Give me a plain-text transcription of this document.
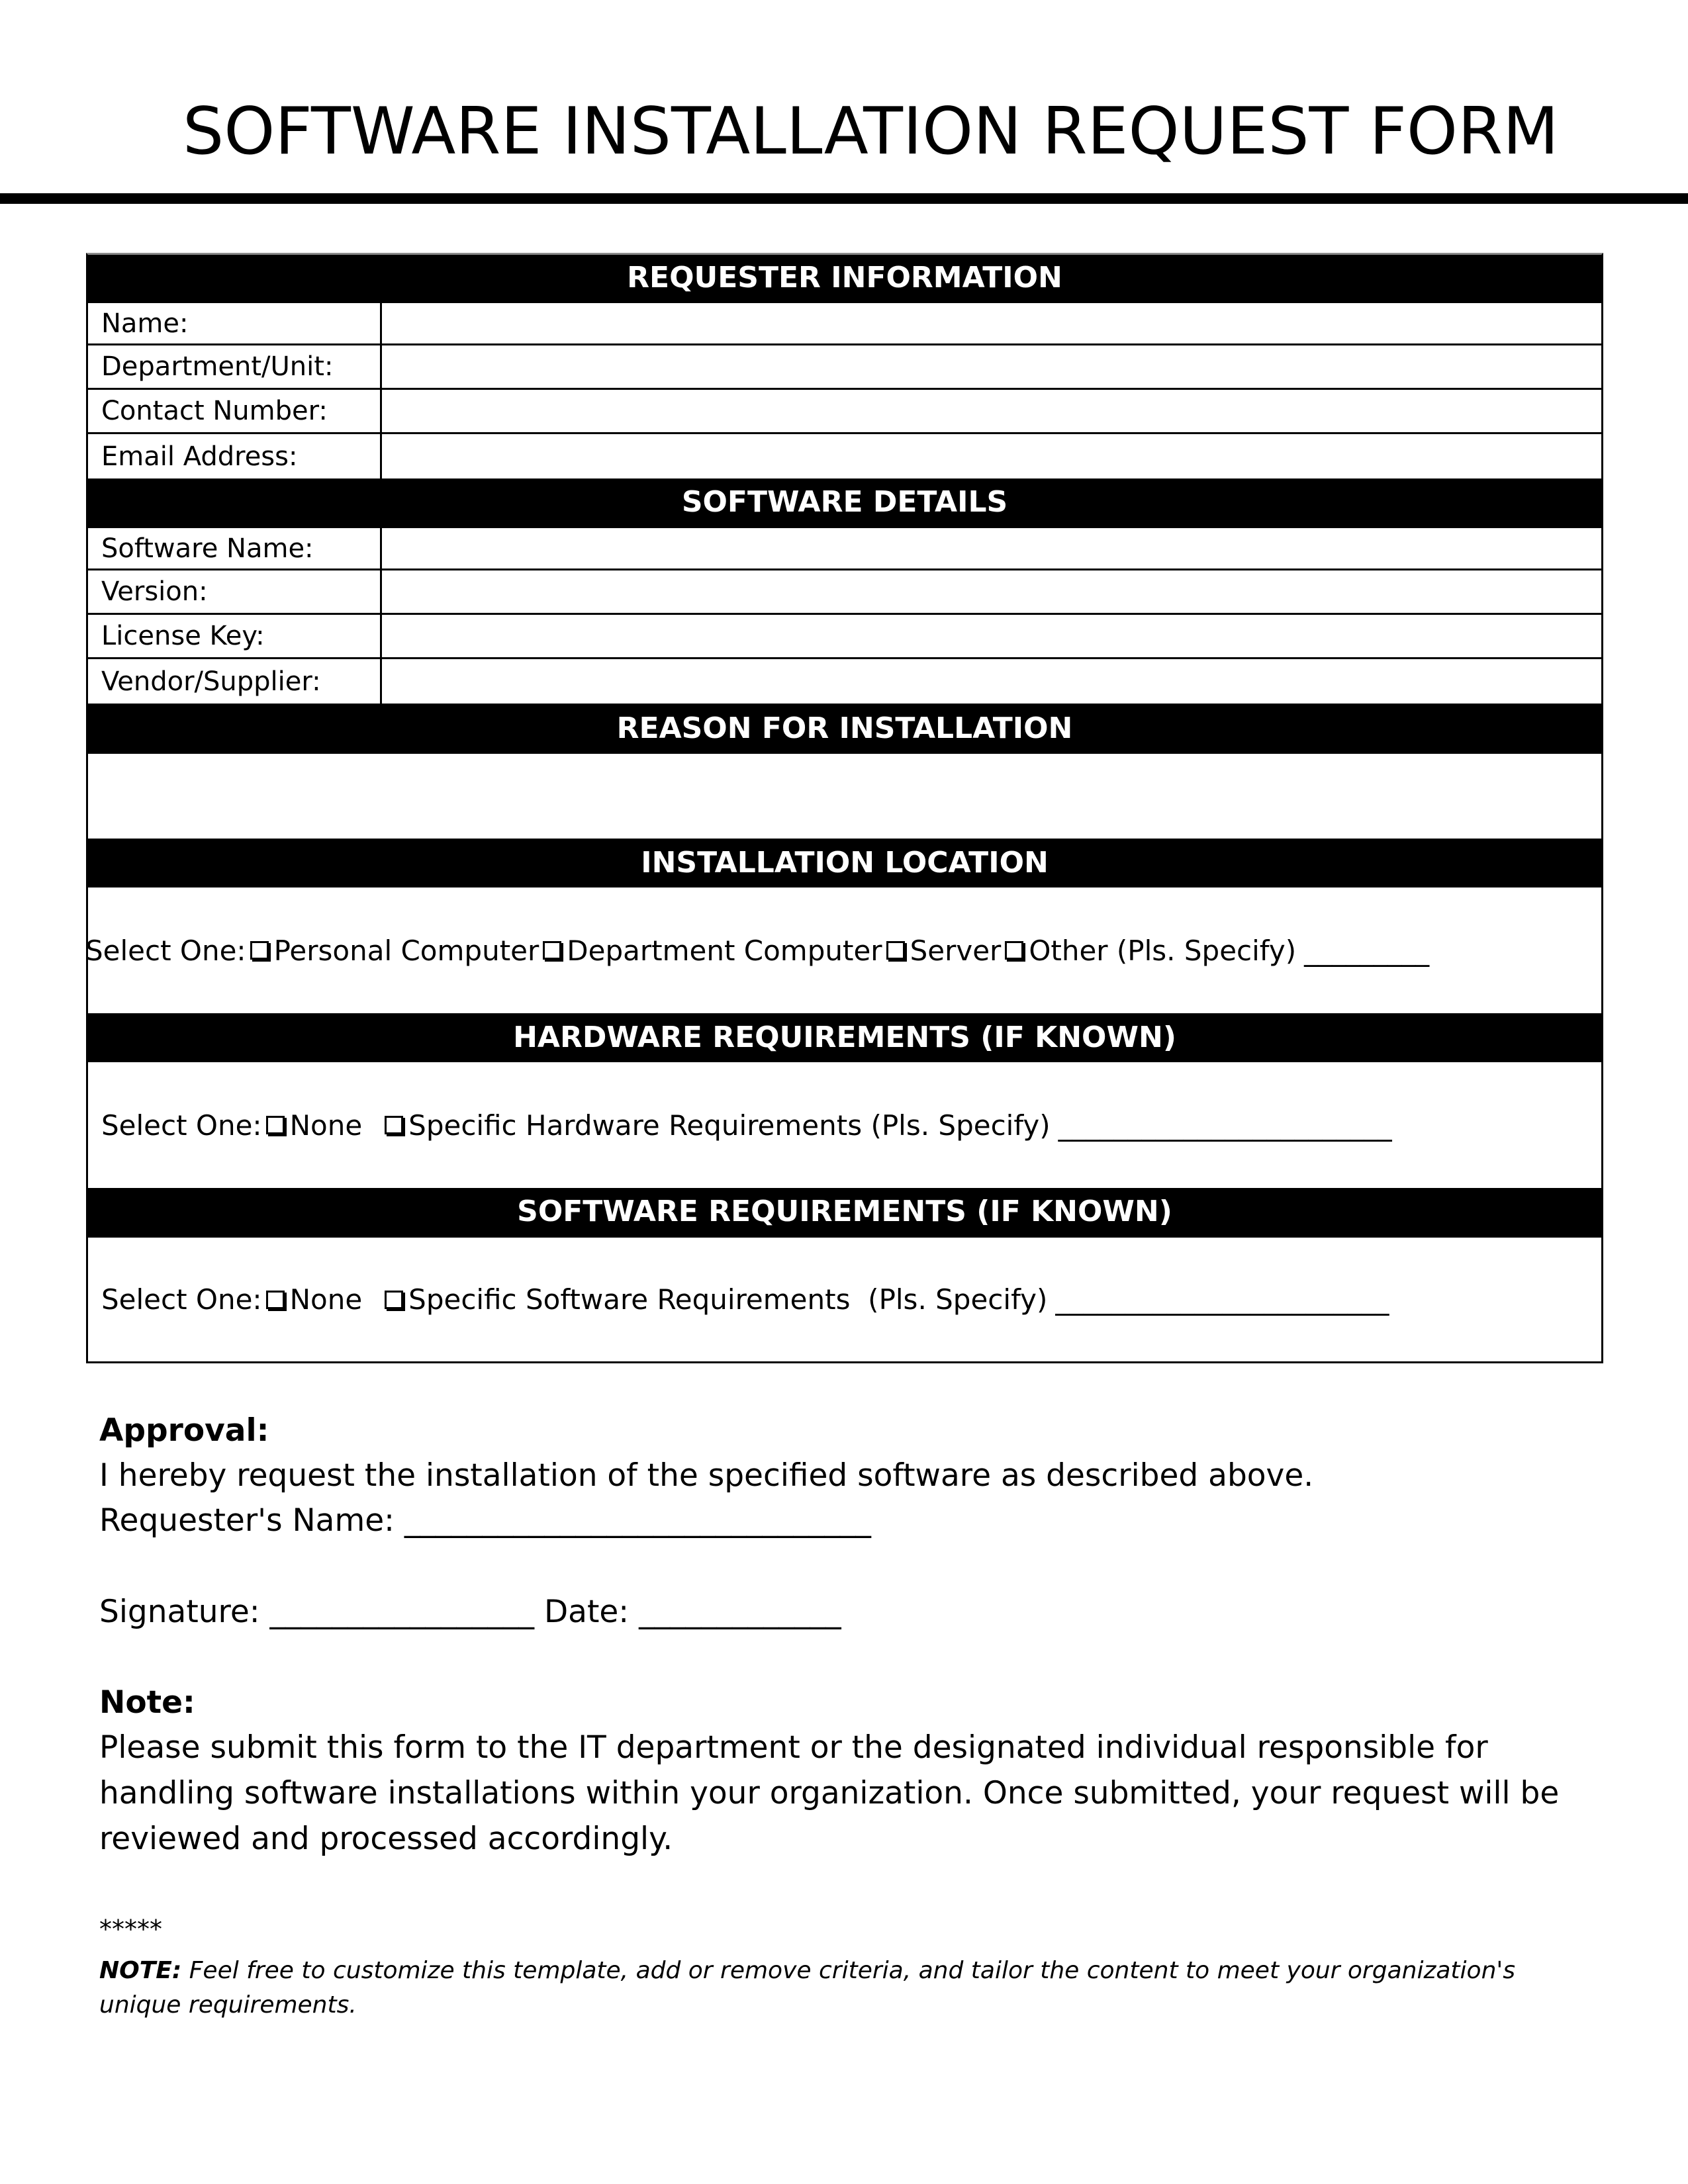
SOFTWARE INSTALLATION REQUEST FORM
REQUESTER INFORMATION
Name:
Department/Unit:
Contact Number:
Email Address:
SOFTWARE DETAILS
Software Name:
Version:
License Key:
Vendor/Supplier:
REASON FOR INSTALLATION
INSTALLATION LOCATION
Select One: Personal Computer Department Computer Server Other (Pls. Specify) _________
HARDWARE REQUIREMENTS (IF KNOWN)
Select One: None Specific Hardware Requirements (Pls. Specify) ________________________
SOFTWARE REQUIREMENTS (IF KNOWN)
Select One: None Specific Software Requirements  (Pls. Specify) ________________________
Approval:
I hereby request the installation of the specified software as described above.
Requester's Name: ______________________________
Signature: _________________ Date: _____________
Note:
Please submit this form to the IT department or the designated individual responsible for handling software installations within your organization. Once submitted, your request will be reviewed and processed accordingly.
*****
NOTE: Feel free to customize this template, add or remove criteria, and tailor the content to meet your organization's unique requirements.
